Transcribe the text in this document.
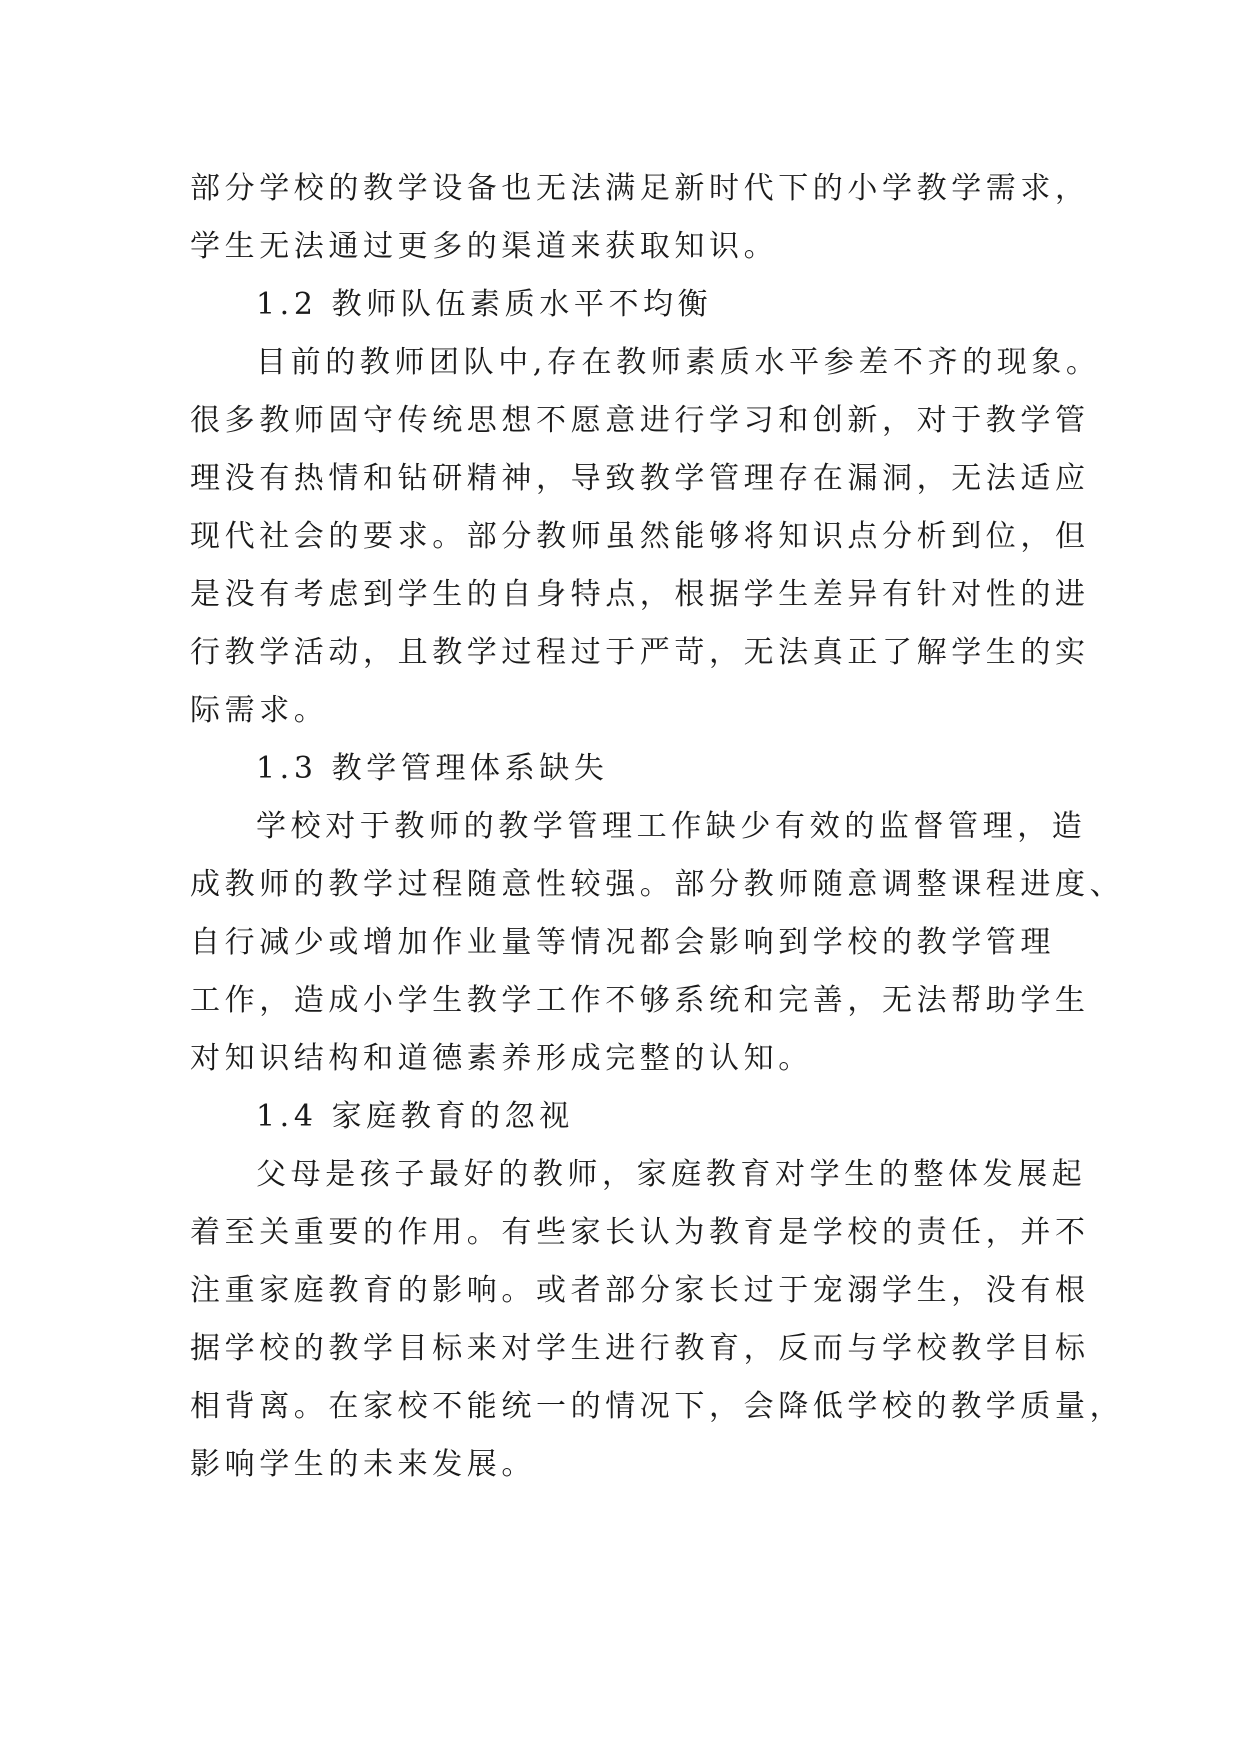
部分学校的教学设备也无法满足新时代下的小学教学需求，
学生无法通过更多的渠道来获取知识。
1.2 教师队伍素质水平不均衡
目前的教师团队中,存在教师素质水平参差不齐的现象。
很多教师固守传统思想不愿意进行学习和创新，对于教学管
理没有热情和钻研精神，导致教学管理存在漏洞，无法适应
现代社会的要求。部分教师虽然能够将知识点分析到位，但
是没有考虑到学生的自身特点，根据学生差异有针对性的进
行教学活动，且教学过程过于严苛，无法真正了解学生的实
际需求。
1.3 教学管理体系缺失
学校对于教师的教学管理工作缺少有效的监督管理，造
成教师的教学过程随意性较强。部分教师随意调整课程进度、
自行减少或增加作业量等情况都会影响到学校的教学管理
工作，造成小学生教学工作不够系统和完善，无法帮助学生
对知识结构和道德素养形成完整的认知。
1.4 家庭教育的忽视
父母是孩子最好的教师，家庭教育对学生的整体发展起
着至关重要的作用。有些家长认为教育是学校的责任，并不
注重家庭教育的影响。或者部分家长过于宠溺学生，没有根
据学校的教学目标来对学生进行教育，反而与学校教学目标
相背离。在家校不能统一的情况下，会降低学校的教学质量，
影响学生的未来发展。
